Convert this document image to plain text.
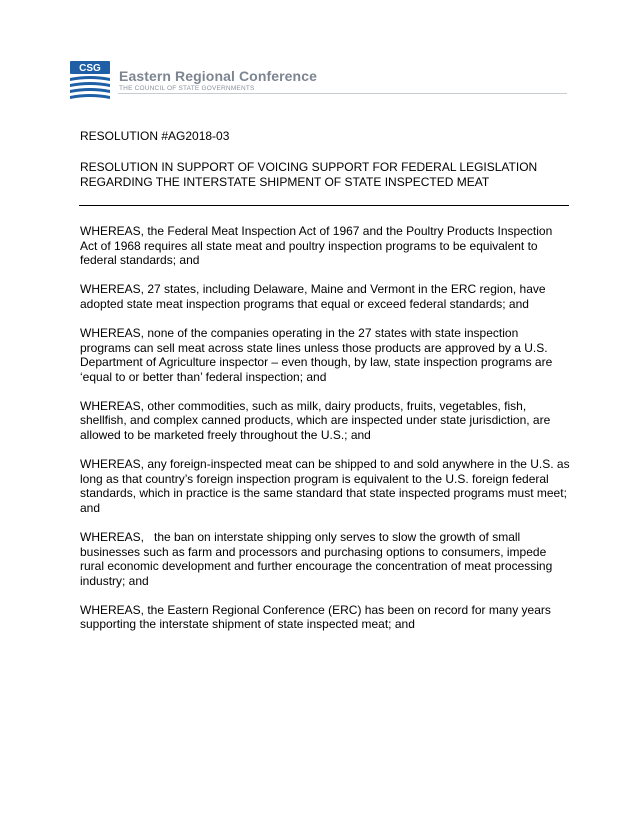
CSG Eastern Regional Conference
THE COUNCIL OF STATE GOVERNMENTS
RESOLUTION #AG2018-03
RESOLUTION IN SUPPORT OF VOICING SUPPORT FOR FEDERAL LEGISLATION REGARDING THE INTERSTATE SHIPMENT OF STATE INSPECTED MEAT

WHEREAS, the Federal Meat Inspection Act of 1967 and the Poultry Products Inspection Act of 1968 requires all state meat and poultry inspection programs to be equivalent to federal standards; and

WHEREAS, 27 states, including Delaware, Maine and Vermont in the ERC region, have adopted state meat inspection programs that equal or exceed federal standards; and

WHEREAS, none of the companies operating in the 27 states with state inspection programs can sell meat across state lines unless those products are approved by a U.S. Department of Agriculture inspector – even though, by law, state inspection programs are ‘equal to or better than’ federal inspection; and

WHEREAS, other commodities, such as milk, dairy products, fruits, vegetables, fish, shellfish, and complex canned products, which are inspected under state jurisdiction, are allowed to be marketed freely throughout the U.S.; and

WHEREAS, any foreign-inspected meat can be shipped to and sold anywhere in the U.S. as long as that country’s foreign inspection program is equivalent to the U.S. foreign federal standards, which in practice is the same standard that state inspected programs must meet; and

WHEREAS,   the ban on interstate shipping only serves to slow the growth of small businesses such as farm and processors and purchasing options to consumers, impede rural economic development and further encourage the concentration of meat processing industry; and

WHEREAS, the Eastern Regional Conference (ERC) has been on record for many years supporting the interstate shipment of state inspected meat; and
